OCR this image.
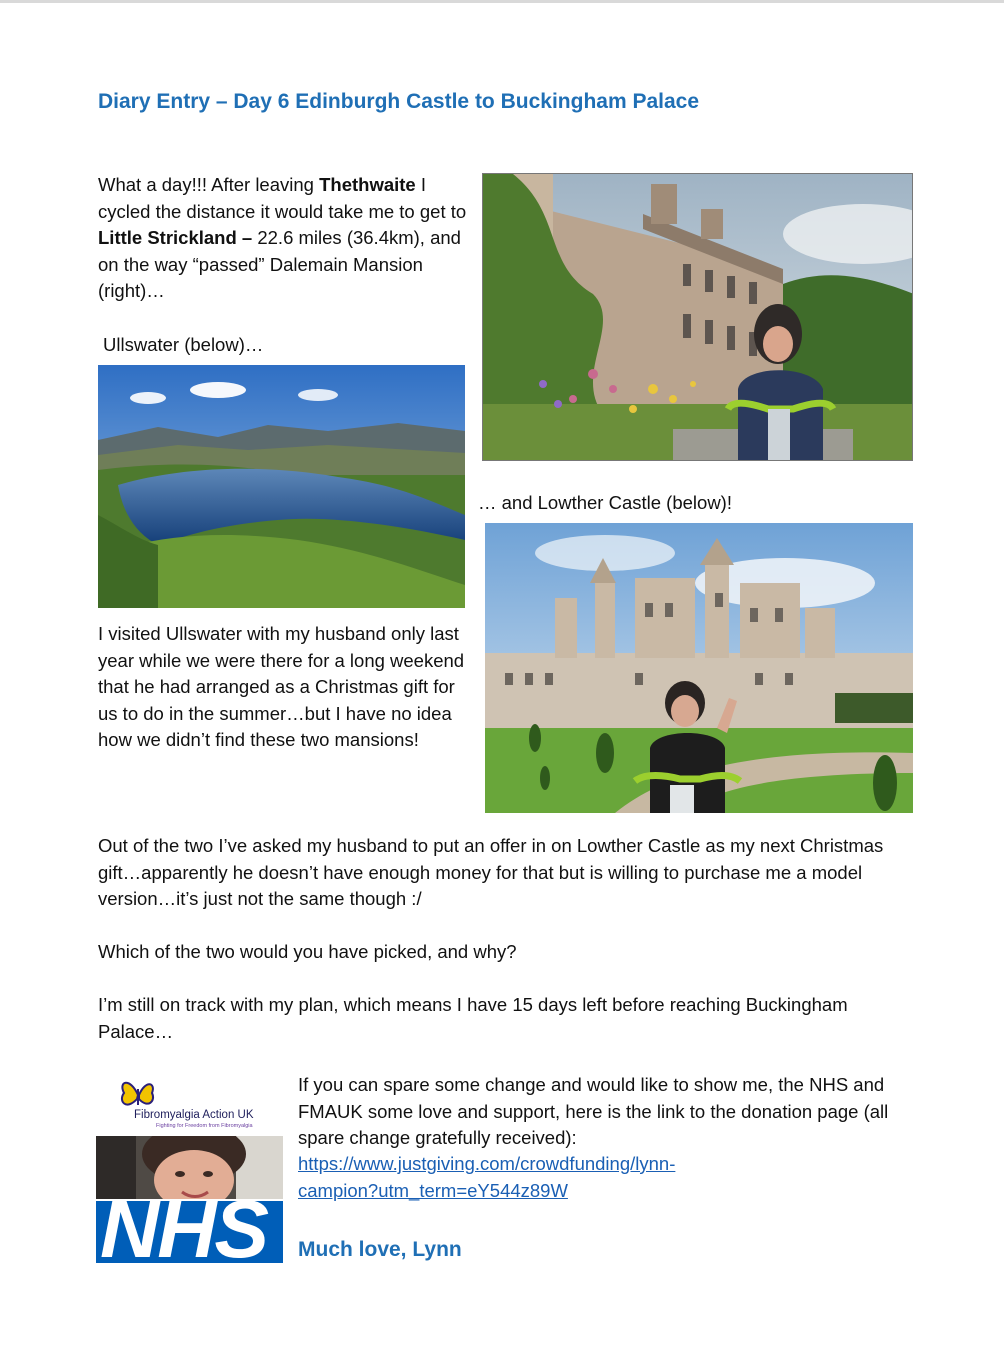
Diary Entry – Day 6 Edinburgh Castle to Buckingham Palace

What a day!!! After leaving Thethwaite I cycled the distance it would take me to get to Little Strickland – 22.6 miles (36.4km), and on the way “passed” Dalemain Mansion (right)…

Ullswater (below)…

… and Lowther Castle (below)!

I visited Ullswater with my husband only last year while we were there for a long weekend that he had arranged as a Christmas gift for us to do in the summer…but I have no idea how we didn’t find these two mansions!

Out of the two I’ve asked my husband to put an offer in on Lowther Castle as my next Christmas gift…apparently he doesn’t have enough money for that but is willing to purchase me a model version…it’s just not the same though :/

Which of the two would you have picked, and why?

I’m still on track with my plan, which means I have 15 days left before reaching Buckingham Palace…

Fibromyalgia Action UK
Fighting for Freedom from Fibromyalgia
NHS

If you can spare some change and would like to show me, the NHS and FMAUK some love and support, here is the link to the donation page (all spare change gratefully received):

https://www.justgiving.com/crowdfunding/lynn-
campion?utm_term=eY544z89W

Much love, Lynn
